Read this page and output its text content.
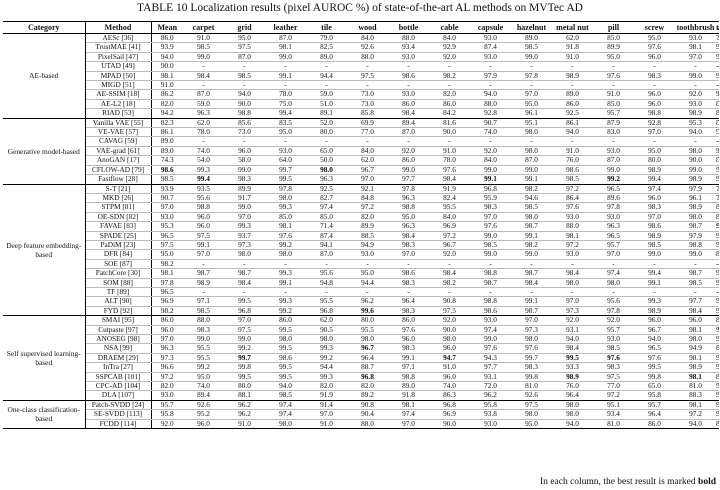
TABLE 10 Localization results (pixel AUROC %) of state-of-the-art AL methods on MVTec AD
Category	Method	Mean	carpet	grid	leather	tile	wood	bottle	cable	capsule	hazelnut	metal nut	pill	screw	toothbrush		
AE-based	AESc [36]	86.0	91.0	95.0	87.0	79.0	84.0	88.0	84.0	93.0	89.0	62.0	85.0	95.0	93.0		
	TrustMAE [41]	93.9	98.5	97.5	98.1	82.5	92.6	93.4	92.9	87.4	98.5	91.8	89.9	97.6	98.1		
	PixelSail [47]	94.0	99.0	87.0	99.0	89.0	88.0	93.0	92.0	93.0	99.0	91.0	95.0	96.0	97.0		
	UTAD [49]	90.0	-	-	-	-	-	-	-	-	-	-	-	-	-		
	MPAD [50]	98.1	98.4	98.5	99.1	94.4	97.5	98.6	98.2	97.9	97.8	98.9	97.6	98.3	99.0		
	MIGD [51]	91.0	-	-	-	-	-	-	-	-	-	-	-	-	-		
	AE-SSIM [18]	86.2	87.0	94.0	78.0	59.0	73.0	93.0	82.0	94.0	97.0	89.0	91.0	96.0	92.0		
	AE-L2 [18]	82.0	59.0	90.0	75.0	51.0	73.0	86.0	86.0	88.0	95.0	86.0	85.0	96.0	93.0		
	RIAD [53]	94.2	96.3	98.8	99.4	89.1	85.8	98.4	84.2	92.8	96.1	92.5	95.7	98.8	98.9		
Generative model-based	Vanilla VAE [55]	82.3	62.0	85.6	83.5	52.0	69.9	89.4	81.6	90.7	95.1	86.1	87.9	92.8	95.3		
	VE-VAE [57]	86.1	78.0	73.0	95.0	80.0	77.0	87.0	90.0	74.0	98.0	94.0	83.0	97.0	94.0		
	CAVAG [59]	89.0	-	-	-	-	-	-	-	-	-	-	-	-	-		
	VAE-grad [61]	89.0	74.0	96.0	93.0	65.0	84.0	92.0	91.0	92.0	98.0	91.0	93.0	95.0	98.0		
	AnoGAN [17]	74.3	54.0	58.0	64.0	50.0	62.0	86.0	78.0	84.0	87.0	76.0	87.0	80.0	90.0		
	CFLOW-AD [79]	98.6	99.3	99.0	99.7	98.0	96.7	99.0	97.6	99.0	99.0	98.6	99.0	98.9	99.0		
	Fastflow [28]	98.5	99.4	98.3	99.5	96.3	97.0	97.7	98.4	99.1	99.1	98.5	99.2	99.4	98.9		
Deep feature embedding-based	S-T [21]	93.9	93.5	89.9	97.8	92.5	92.1	97.8	91.9	96.8	98.2	97.2	96.5	97.4	97.9		
	MKD [26]	90.7	95.6	91.7	98.0	82.7	84.8	96.3	82.4	95.9	94.6	86.4	89.6	96.0	96.1		
	STPM [81]	97.0	98.8	99.0	99.3	97.4	97.2	98.8	95.5	98.3	98.5	97.6	97.8	98.3	98.9		
	OE-SDN [82]	93.0	96.0	97.0	85.0	85.0	82.0	95.0	84.0	97.0	98.0	93.0	93.0	97.0	98.0		
	FAVAE [83]	95.3	96.0	99.3	98.1	71.4	89.9	96.3	96.9	97.6	98.7	88.0	96.3	98.6	98.7		
	SPADE [25]	96.5	97.5	93.7	97.6	87.4	88.5	98.4	97.2	99.0	99.1	98.1	96.5	98.9	97.9		
	PaDiM [23]	97.5	99.1	97.3	99.2	94.1	94.9	98.3	96.7	98.5	98.2	97.2	95.7	98.5	98.8		
	DFR [84]	95.0	97.0	98.0	98.0	87.0	93.0	97.0	92.0	99.0	99.0	93.0	97.0	99.0	99.0		
	SOE [87]	98.2	-	-	-	-	-	-	-	-	-	-	-	-	-		
	PatchCore [30]	98.1	98.7	98.7	99.3	95.6	95.0	98.6	98.4	98.8	98.7	98.4	97.4	99.4	98.7		
	SOM [88]	97.8	98.9	98.4	99.1	94.8	94.4	98.3	98.2	98.7	98.4	98.0	98.0	99.1	98.5		
	TF [89]	96.5	-	-	-	-	-	-	-	-	-	-	-	-	-		
	ALT [90]	96.9	97.1	99.5	99.3	95.5	96.2	96.4	90.8	98.8	99.1	97.0	95.6	99.3	97.7		
	FYD [92]	98.2	98.5	96.8	99.2	96.8	99.6	98.3	97.5	98.6	98.7	97.3	97.8	98.9	98.4		
Self supervised learning-based	SMAI [95]	86.0	88.0	97.0	86.0	62.0	80.0	86.0	92.0	93.0	97.0	92.0	92.0	96.0	96.0		
	Cutpaste [97]	96.0	98.3	97.5	99.5	90.5	95.5	97.6	90.0	97.4	97.3	93.1	95.7	96.7	98.1		
	ANOSEG [98]	97.0	99.0	99.0	98.0	98.0	98.0	96.0	98.0	99.0	98.0	94.0	93.0	94.0	98.0		
	NSA [99]	96.3	95.5	99.2	99.5	99.3	96.7	98.3	96.0	97.6	97.6	98.4	98.5	96.5	94.9		
	DRAEM [29]	97.3	95.5	99.7	98.6	99.2	96.4	99.1	94.7	94.3	99.7	99.5	97.6	97.6	98.1		
	InTra [27]	96.6	99.2	99.8	99.5	94.4	88.7	97.1	91.0	97.7	98.3	93.3	98.3	99.5	98.9		
	SSPCAB [101]	97.2	95.0	99.5	99.5	99.3	96.8	98.8	96.0	93.1	99.8	98.9	97.5	99.8	98.1		
	CPC-AD [104]	82.0	74.0	80.0	94.0	82.0	82.0	89.0	74.0	72.0	81.0	76.0	77.0	65.0	81.0		
	DLA [107]	93.0	89.4	88.1	98.5	91.9	89.2	91.8	86.3	96.2	92.6	96.4	97.2	95.8	88.3		
One-class classification-based	Patch-SVDD [24]	95.7	92.6	96.2	97.4	91.4	90.8	98.1	96.8	95.8	97.5	98.0	95.1	95.7	98.1		
	SE-SVDD [113]	95.8	95.2	96.2	97.4	97.0	90.4	97.4	96.9	93.8	98.0	98.0	93.4	96.4	97.2		
	FCDD [114]	92.0	96.0	91.0	98.0	91.0	88.0	97.0	90.0	93.0	95.0	94.0	81.0	86.0	94.0		
In each column, the best result is marked bold
